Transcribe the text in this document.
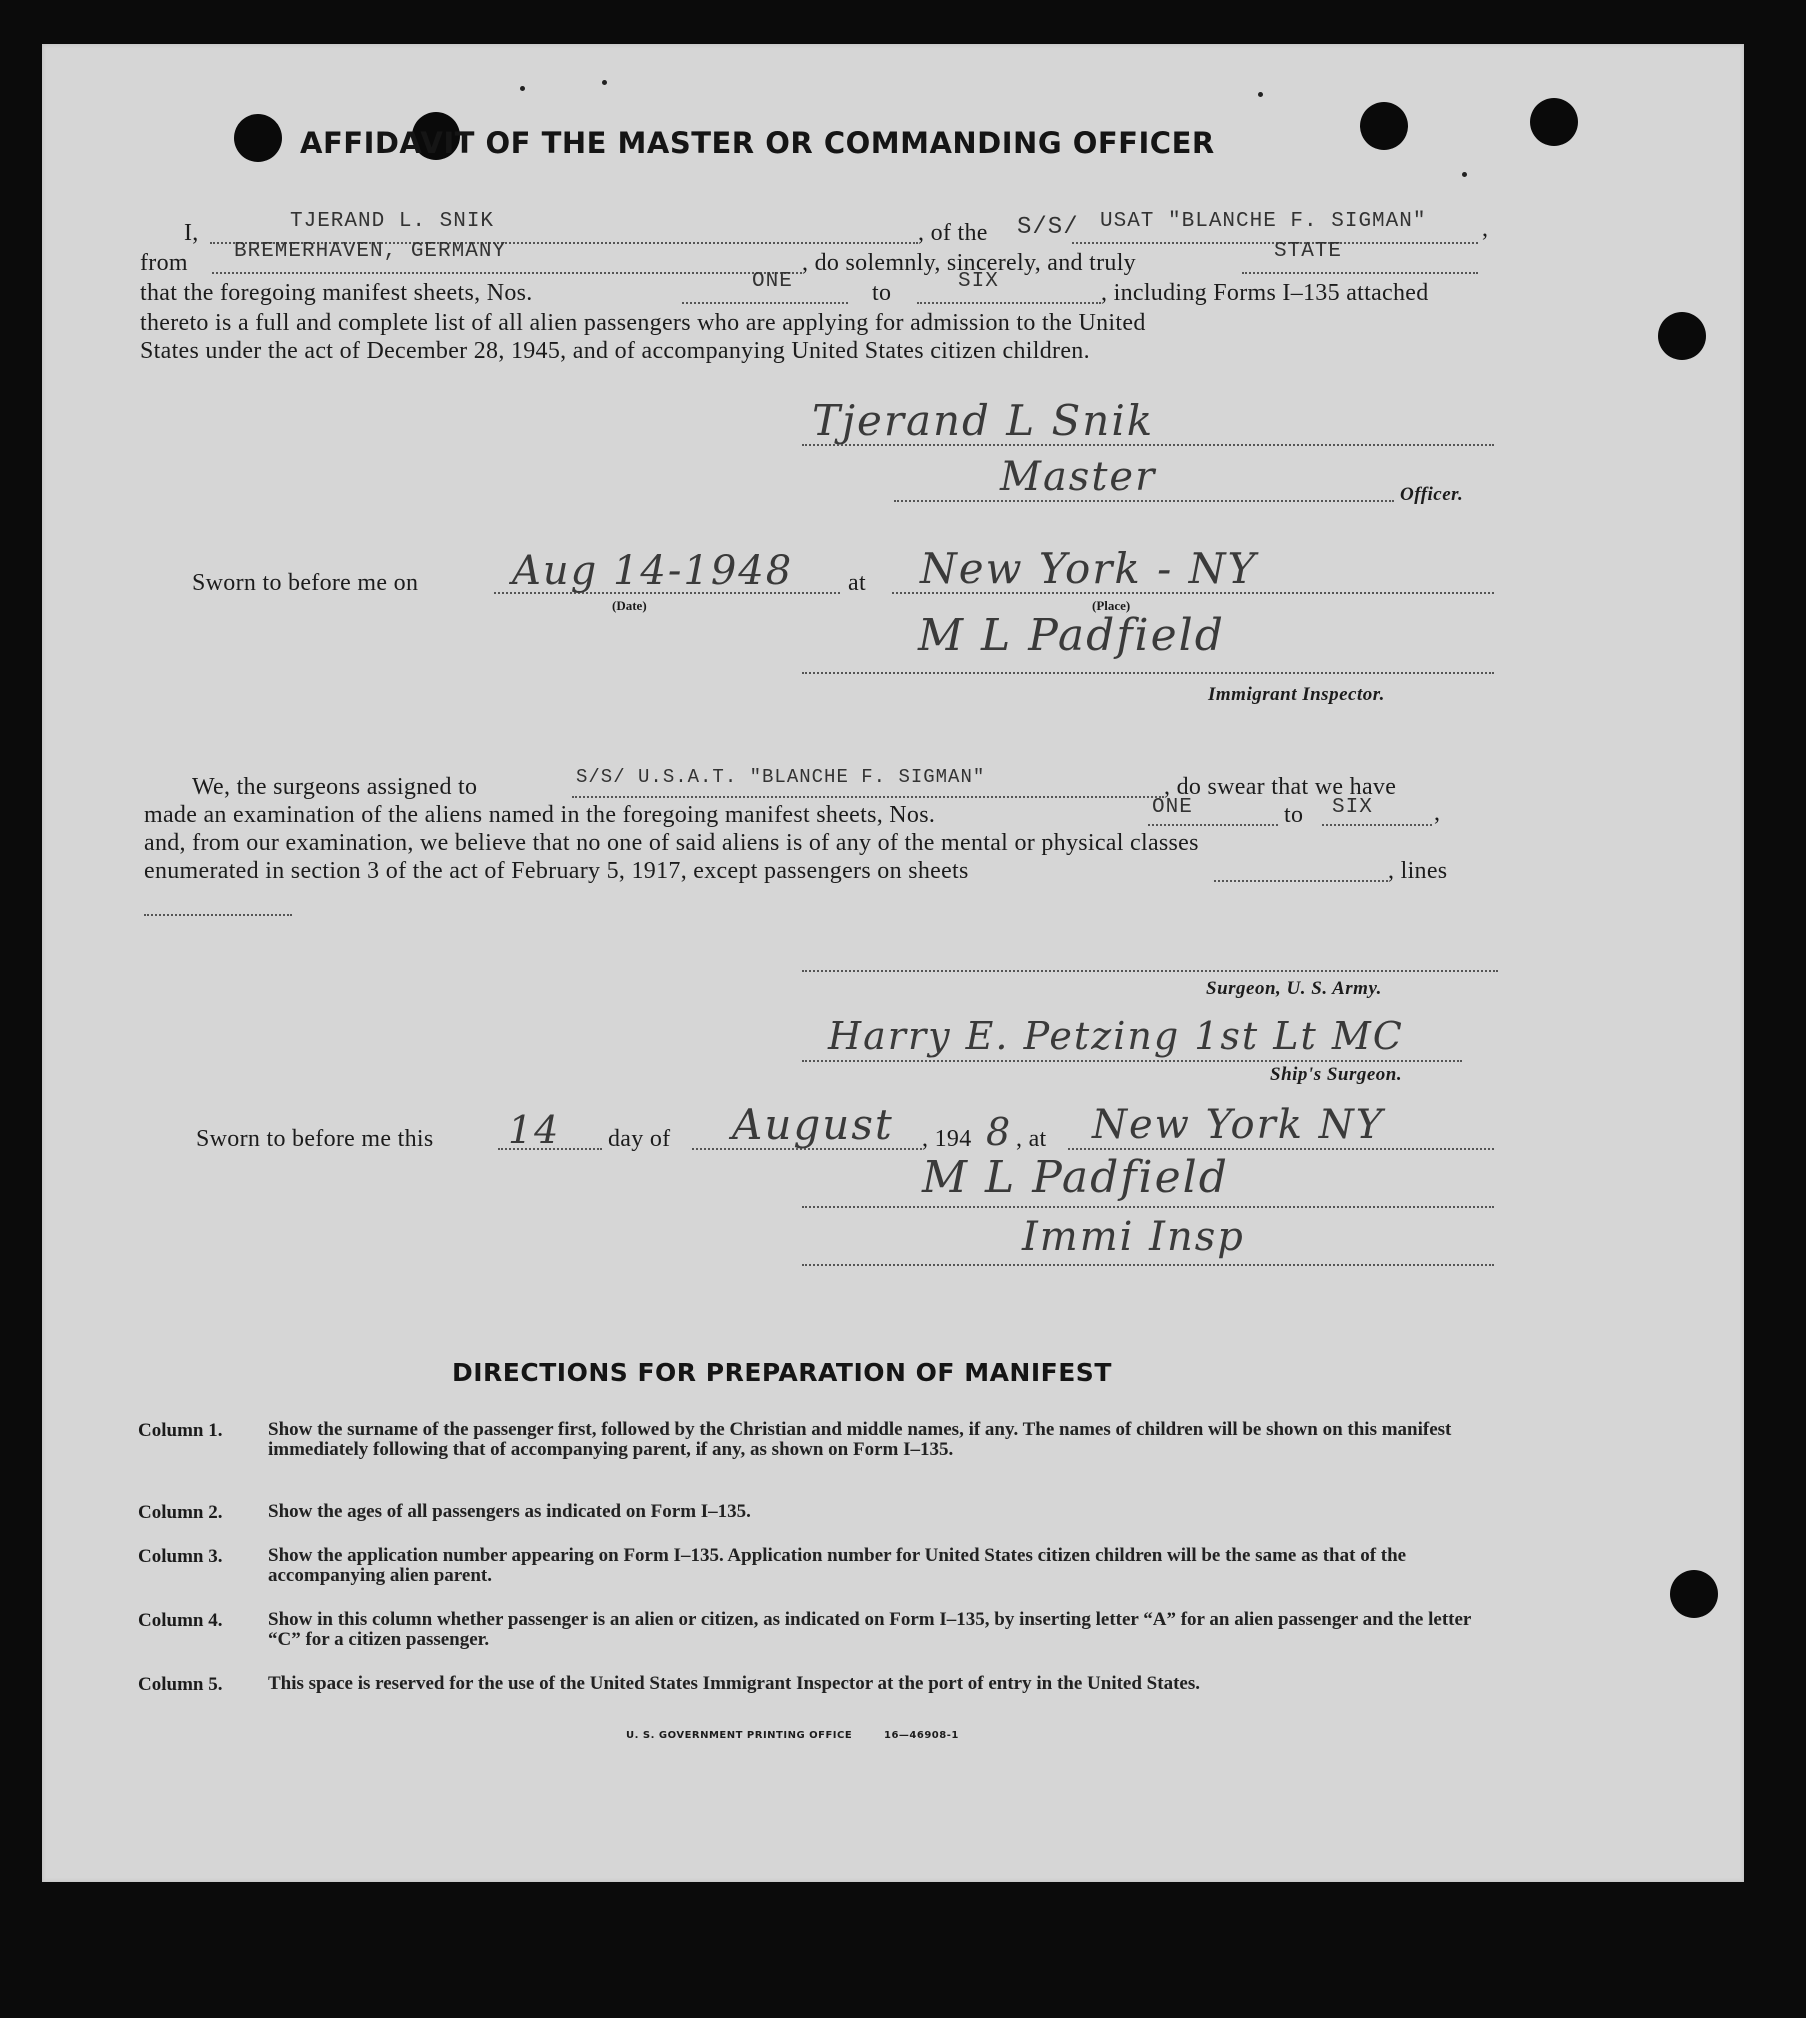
AFFIDAVIT OF THE MASTER OR COMMANDING OFFICER
I,	TJERAND L. SNIK	, of the S/S/ USAT "BLANCHE F. SIGMAN" ,
from BREMERHAVEN, GERMANY	, do solemnly, sincerely, and truly	STATE
that the foregoing manifest sheets, Nos.	ONE	to	SIX	, including Forms I–135 attached
thereto is a full and complete list of all alien passengers who are applying for admission to the United
States under the act of December 28, 1945, and of accompanying United States citizen children.
Tjerand L Snik
Master	Officer.
Sworn to before me on Aug 14-1948
(Date)
at New York - NY
(Place)
M L Padfield
Immigrant Inspector.
We, the surgeons assigned to	S/S/ U.S.A.T. "BLANCHE F. SIGMAN"	, do swear that we have
made an examination of the aliens named in the foregoing manifest sheets, Nos.	ONE	to SIX	,
and, from our examination, we believe that no one of said aliens is of any of the mental or physical classes
enumerated in section 3 of the act of February 5, 1917, except passengers on sheets	, lines
Surgeon, U. S. Army.
Harry E. Petzing 1st Lt MC
Ship's Surgeon.
Sworn to before me this 14 day of August , 194 8 , at New York NY
M L Padfield
Immi Insp
DIRECTIONS FOR PREPARATION OF MANIFEST
Column 1. Show the surname of the passenger first, followed by the Christian and middle names, if any. The names of children will be shown on this manifest immediately following that of accompanying parent, if any, as shown on Form I–135.
Column 2. Show the ages of all passengers as indicated on Form I–135.
Column 3. Show the application number appearing on Form I–135. Application number for United States citizen children will be the same as that of the accompanying alien parent.
Column 4. Show in this column whether passenger is an alien or citizen, as indicated on Form I–135, by inserting letter “A” for an alien passenger and the letter “C” for a citizen passenger.
Column 5. This space is reserved for the use of the United States Immigrant Inspector at the port of entry in the United States.
U. S. GOVERNMENT PRINTING OFFICE	16—46908-1
